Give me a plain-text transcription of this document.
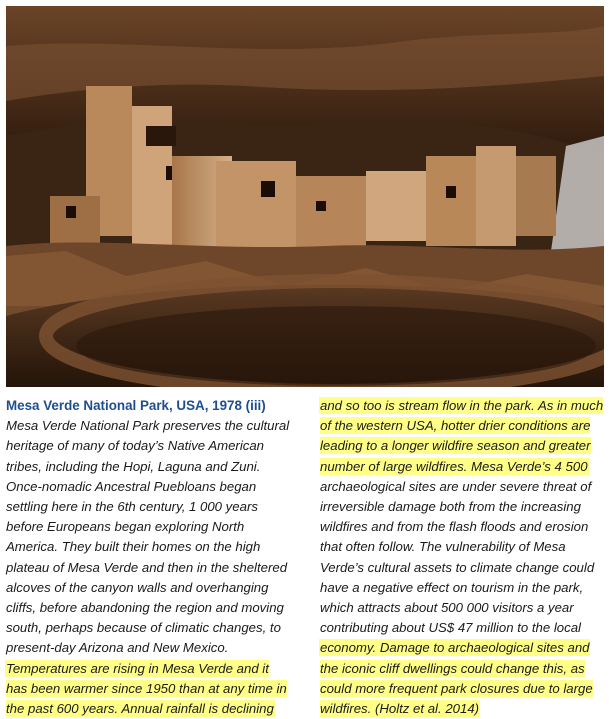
Mesa Verde National Park, USA, 1978 (iii)
Mesa Verde National Park preserves the cultural heritage of many of today’s Native American tribes, including the Hopi, Laguna and Zuni. Once-nomadic Ancestral Puebloans began settling here in the 6th century, 1 000 years before Europeans began exploring North America. They built their homes on the high plateau of Mesa Verde and then in the sheltered alcoves of the canyon walls and overhanging cliffs, before abandoning the region and moving south, perhaps because of climatic changes, to present-day Arizona and New Mexico. Temperatures are rising in Mesa Verde and it has been warmer since 1950 than at any time in the past 600 years. Annual rainfall is declining
and so too is stream flow in the park. As in much of the western USA, hotter drier conditions are leading to a longer wildfire season and greater number of large wildfires. Mesa Verde’s 4 500 archaeological sites are under severe threat of irreversible damage both from the increasing wildfires and from the flash floods and erosion that often follow. The vulnerability of Mesa Verde’s cultural assets to climate change could have a negative effect on tourism in the park, which attracts about 500 000 visitors a year contributing about US$ 47 million to the local economy. Damage to archaeological sites and the iconic cliff dwellings could change this, as could more frequent park closures due to large wildfires. (Holtz et al. 2014)
